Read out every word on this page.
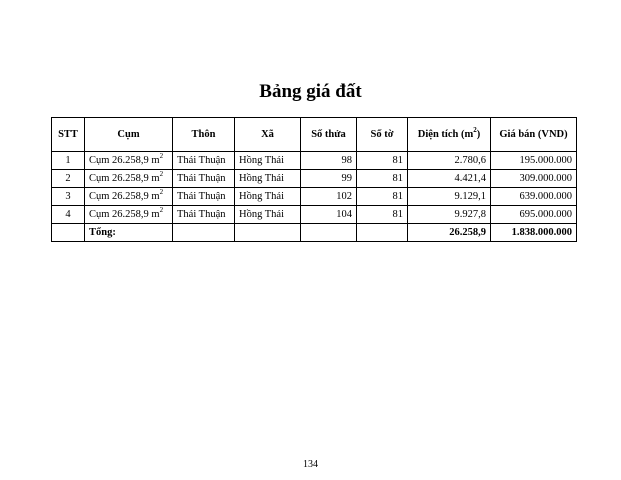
Bảng giá đất
STT	Cụm	Thôn	Xã	Số thửa	Số tờ	Diện tích $(m^2)$	Giá bán (VND)
1	Cụm 26.258,9 $m^2$	Thái Thuận	Hồng Thái	98	81	2.780,6	195.000.000
2	Cụm 26.258,9 $m^2$	Thái Thuận	Hồng Thái	99	81	4.421,4	309.000.000
3	Cụm 26.258,9 $m^2$	Thái Thuận	Hồng Thái	102	81	9.129,1	639.000.000
4	Cụm 26.258,9 $m^2$	Thái Thuận	Hồng Thái	104	81	9.927,8	695.000.000
	Tổng:					26.258,9	1.838.000.000
134
